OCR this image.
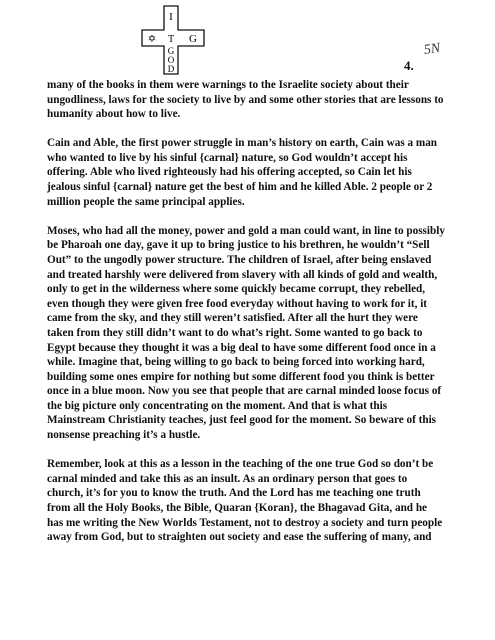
I
✡	G
T
G
O
D
5N
4.

many of the books in them were warnings to the Israelite society about their ungodliness, laws for the society to live by and some other stories that are lessons to humanity about how to live.

Cain and Able, the first power struggle in man’s history on earth, Cain was a man who wanted to live by his sinful {carnal} nature, so God wouldn’t accept his offering. Able who lived righteously had his offering accepted, so Cain let his jealous sinful {carnal} nature get the best of him and he killed Able. 2 people or 2 million people the same principal applies.

Moses, who had all the money, power and gold a man could want, in line to possibly be Pharoah one day, gave it up to bring justice to his brethren, he wouldn’t “Sell Out” to the ungodly power structure. The children of Israel, after being enslaved and treated harshly were delivered from slavery with all kinds of gold and wealth, only to get in the wilderness where some quickly became corrupt, they rebelled, even though they were given free food everyday without having to work for it, it came from the sky, and they still weren’t satisfied. After all the hurt they were taken from they still didn’t want to do what’s right. Some wanted to go back to Egypt because they thought it was a big deal to have some different food once in a while. Imagine that, being willing to go back to being forced into working hard, building some ones empire for nothing but some different food you think is better once in a blue moon. Now you see that people that are carnal minded loose focus of the big picture only concentrating on the moment. And that is what this Mainstream Christianity teaches, just feel good for the moment. So beware of this nonsense preaching it’s a hustle.

Remember, look at this as a lesson in the teaching of the one true God so don’t be carnal minded and take this as an insult. As an ordinary person that goes to church, it’s for you to know the truth. And the Lord has me teaching one truth from all the Holy Books, the Bible, Quaran {Koran}, the Bhagavad Gita, and he has me writing the New Worlds Testament, not to destroy a society and turn people away from God, but to straighten out society and ease the suffering of many, and
